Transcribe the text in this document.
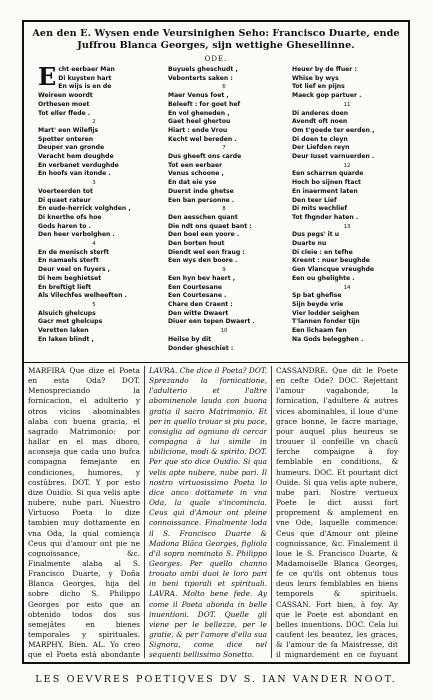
Aen den E. Wysen ende Veursinighen Seho: Francisco Duarte, ende Juffrou Blanca Georges, sijn wettighe Ghesellinne.
ODE.
E cht eerbaer Man
Di kuysten hart
En wijs is en de
Weireen woordt
Orthesen moet
Tot eller ffede .
2
Mart' een Wilefijs
Spotter onteren
Deuper van gronde
Veracht hem doughde
En verbanet verdughde
En hoofs van itonde .
3
Voerteerden tot
Di quaet rateur
En eude-herrick volghden ,
Di knerthe ofs hoe
Gods haren to .
Den heer verbolghen .
4
En de menisch sterft
En namaels sterft
Deur veel on fuyers ,
Di hem beghietset
En breftigt lieft
Als Vilechfes welheeften .
5
Alsuich ghelcups
Gacr met ghelcups
Veretten laken
En laken blindt ,
Buyuels gheschudt ,
Vebonterts saken :
6
Maer Venus foet ,
Beleeft : for goet hef
En vol gheneden ,
Gaet heel ghertou
Hiart : ende Vrou
Kecht wel bereden .
7
Dus gheeft ons carde
Tot een eerbaer
Venus schoone ,
En dat eie yse
Duerst inde ghetse
Een ban personne .
8
Den aesschen quant
Die ndt ons quaet bant :
Den boel een yoore .
Den borten hout
Diendt wel een fraug :
Een wys den boore .
9
Een hyn bev haert ,
Een Courtesane
Een Courtesane .
Chare den Craent :
Den witte Dwaert
Diuer een tepen Dwaert .
10
Heilse by dit
Donder gheschiet :
Heuer by de ffuer :
Whise by wys
Tot lief en pijns
Maeck gop partuer .
11
Di anderes doen
Avendt oft noen
Om t'goede ter eerden ,
Di doen te cleyn
Der Liefden reyn
Deur Iuset varnuerden .
12
Een scharren quarde
Hoch bo sijnen ftact
En inaerment laten
Den teer Lief
Di mits wechlief
Tot fhgnder haten .
13
Dus pegs' it u
Duarte nu
Di cleie : en tefhe
Kreent : nuer beughde
Gen Vlancque vreughde
Een ou ghelighte .
14
Sp bat ghefise
Sijn beyde vrie
Vier lodder seighen
T'lannen fonder tijn
Een lichaam fen
Na Gods belegghen .
MARFIRA Que dize el Poeta en esta Oda? DOT. Menospreciando la fornicacion, el adulterio y otros vicios abominables alaba con buena gracia, el sagrado Matrimonio: por hallar en el mas dhoro, aconseja que cada uno bufca compagna femejante en condiciones, humores, y costûbres. DOT. Y por esto dize Ouidio. Si qua velis apte nubere, nube pari. Nuestro Virtuoso Poeta lo dize tambien muy dottamente en vna Oda, la qual comiença Ceus qui d'amour ont pie ne cognoissance, &c. Finalmente alaba al S. Francisco Duarte, y Doña Blanca Georges, hija del sobre dicho S. Philippo Georges por esto que an obtenido todos dos sus semejâtes en bienes temporales y spirituales. MARPHY. Bien. AL. Yo creo que el Poeta está abondante
LAVRA. Che dice il Poeta? DOT. Sprezando la fornicatione, l'adulterio et l'altre abominenole lauda con buona gratia il sacro Matrimonio. Et per in quello trouar si piu pace, consiglia ad ogniuno di cercar compagna à lui simile in ubilicione, modi & spirito. DOT. Per que sto dice Ouidio. Si qua velis apte nubere, nube pari. Il nostro virtuosissimo Poeta lo dice anco dottamete in vna Oda, la quale s'incomincia. Ceus qui d'Amour ont pleine connoissance. Finalmente loda il S. Francisco Duarte & Madona Blâca Georges, figliola d'il sopra nominato S. Philippo Georges. Per quello channo trouato ambi duoi le loro pari in beni tiporali et spirituali. LAVRA. Molto bene fede. Ay come il Poeta abonda in belle inuentioni. DOT. Quelle gli viene per le bellezze, per le gratie, & per l'amore d'ella sua Signora, come dice nel sequenti bellissimo Sonetto.
CASSANDRE. Que dit le Poete en cefte Ode? DOC. Rejettant l'amour vagabonde, la fornication, l'adultere & autres vices abominables, il loue d'une grace bonne, le facre mariage, pour auquel plus heureus se trouuer il confeille vn chacû ferche compaigne à foy femblable en conditions, & humeurs. DOC. Et pourtant dict Ouide. Si qua velis apte nubere, nube pari. Nostre vertueux Poete le dict aussi fort proprement & amplement en vne Ode, laquelle commence: Ceus que d'Amour ont pleine cognoissance, &c. Finalement il loue le S. Francisco Duarte, & Madamoiselle Blanca Georges, fe ce qu'ils ont obtenus tous deus leurs femblables en biens temporels & spirituels. CASSAN. Fort bien, à foy. Ay que le Poete est abondant en belles inuentions. DOC. Cela lui caufent les beautez, les graces, & l'amour de fa Maistresse, dit il mignardement en ce fuyuant
LES OEVVRES POETIQVES DV S. IAN VANDER NOOT.
